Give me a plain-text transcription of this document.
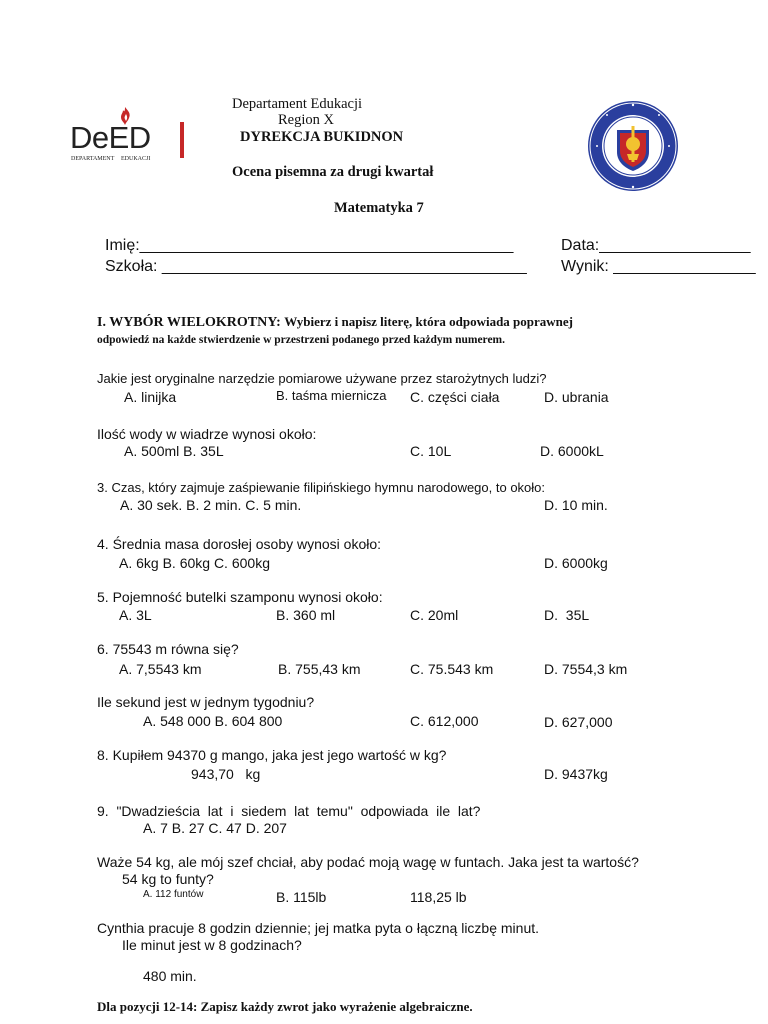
DeED
DEPARTAMENT EDUKACJI
Departament Edukacji
Region X
DYREKCJA BUKIDNON
Ocena pisemna za drugi kwartał
Matematyka 7
Imię:__________________________________________
Szkoła: _________________________________________
Data:_________________
Wynik: ________________
I. WYBÓR WIELOKROTNY: Wybierz i napisz literę, która odpowiada poprawnej
odpowiedź na każde stwierdzenie w przestrzeni podanego przed każdym numerem.
Jakie jest oryginalne narzędzie pomiarowe używane przez starożytnych ludzi?
A. linijka	B. taśma miernicza C. części ciała	D. ubrania
Ilość wody w wiadrze wynosi około:
A. 500ml B. 35L	C. 10L	D. 6000kL
3. Czas, który zajmuje zaśpiewanie filipińskiego hymnu narodowego, to około:
A. 30 sek. B. 2 min. C. 5 min.	D. 10 min.
4. Średnia masa dorosłej osoby wynosi około:
A. 6kg B. 60kg C. 600kg	D. 6000kg
5. Pojemność butelki szamponu wynosi około:
A. 3L	B. 360 ml	C. 20ml	D.  35L
6. 75543 m równa się?
A. 7,5543 km	B. 755,43 km	C. 75.543 km	D. 7554,3 km
Ile sekund jest w jednym tygodniu?
A. 548 000 B. 604 800	C. 612,000	D. 627,000
8. Kupiłem 94370 g mango, jaka jest jego wartość w kg?
943,70   kg	D. 9437kg
9.  "Dwadzieścia  lat  i  siedem  lat  temu"  odpowiada  ile  lat?
A. 7 B. 27 C. 47 D. 207
Waże 54 kg, ale mój szef chciał, aby podać moją wagę w funtach. Jaka jest ta wartość?
54 kg to funty?
A. 112 funtów	B. 115lb	118,25 lb
Cynthia pracuje 8 godzin dziennie; jej matka pyta o łączną liczbę minut.
Ile minut jest w 8 godzinach?
480 min.
Dla pozycji 12-14: Zapisz każdy zwrot jako wyrażenie algebraiczne.
